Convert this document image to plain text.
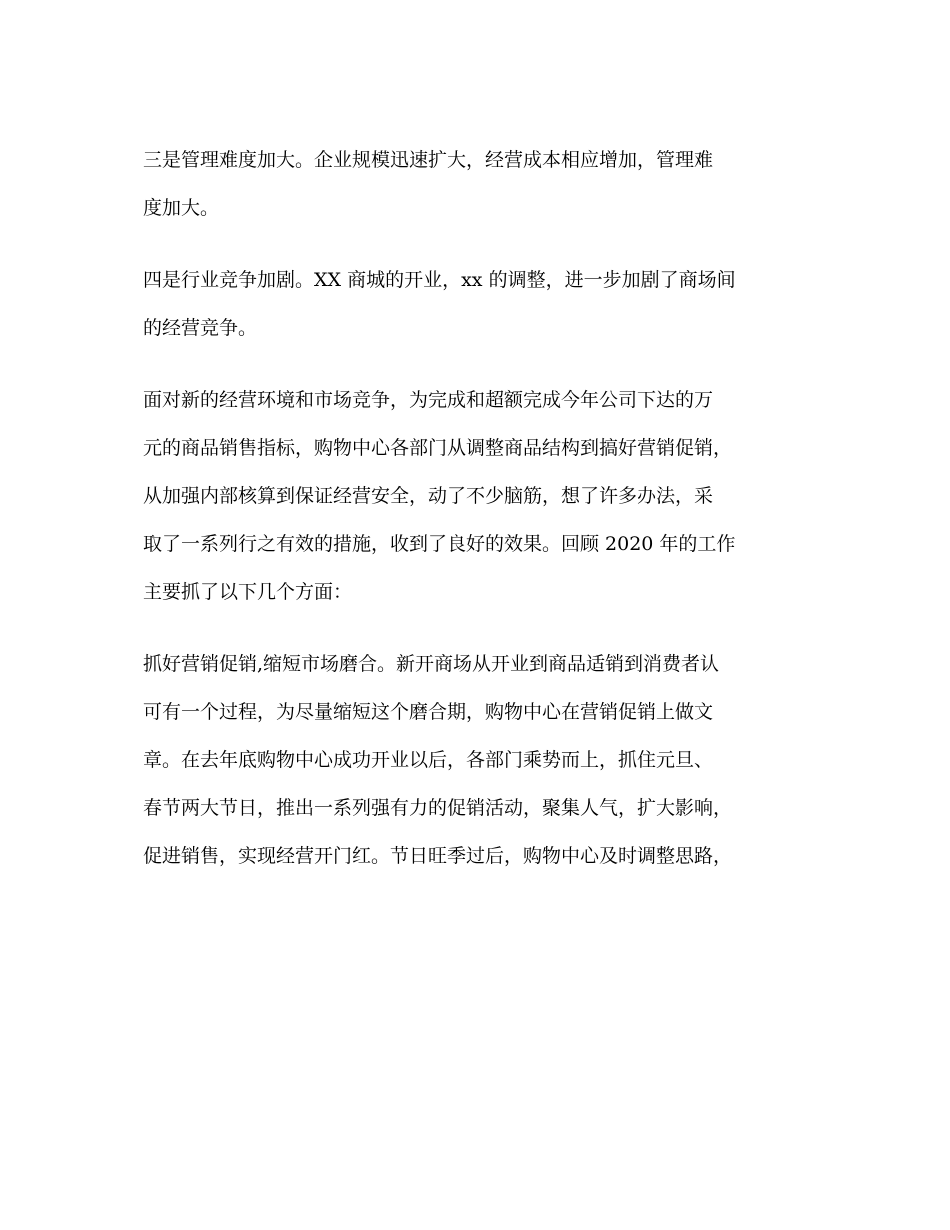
三是管理难度加大。企业规模迅速扩大，经营成本相应增加，管理难
度加大。
四是行业竞争加剧。XX 商城的开业，xx 的调整，进一步加剧了商场间
的经营竞争。
面对新的经营环境和市场竞争，为完成和超额完成今年公司下达的万
元的商品销售指标，购物中心各部门从调整商品结构到搞好营销促销，
从加强内部核算到保证经营安全，动了不少脑筋，想了许多办法，采
取了一系列行之有效的措施，收到了良好的效果。回顾 2020 年的工作
主要抓了以下几个方面：
抓好营销促销,缩短市场磨合。新开商场从开业到商品适销到消费者认
可有一个过程，为尽量缩短这个磨合期，购物中心在营销促销上做文
章。在去年底购物中心成功开业以后，各部门乘势而上，抓住元旦、
春节两大节日，推出一系列强有力的促销活动，聚集人气，扩大影响，
促进销售，实现经营开门红。节日旺季过后，购物中心及时调整思路，
